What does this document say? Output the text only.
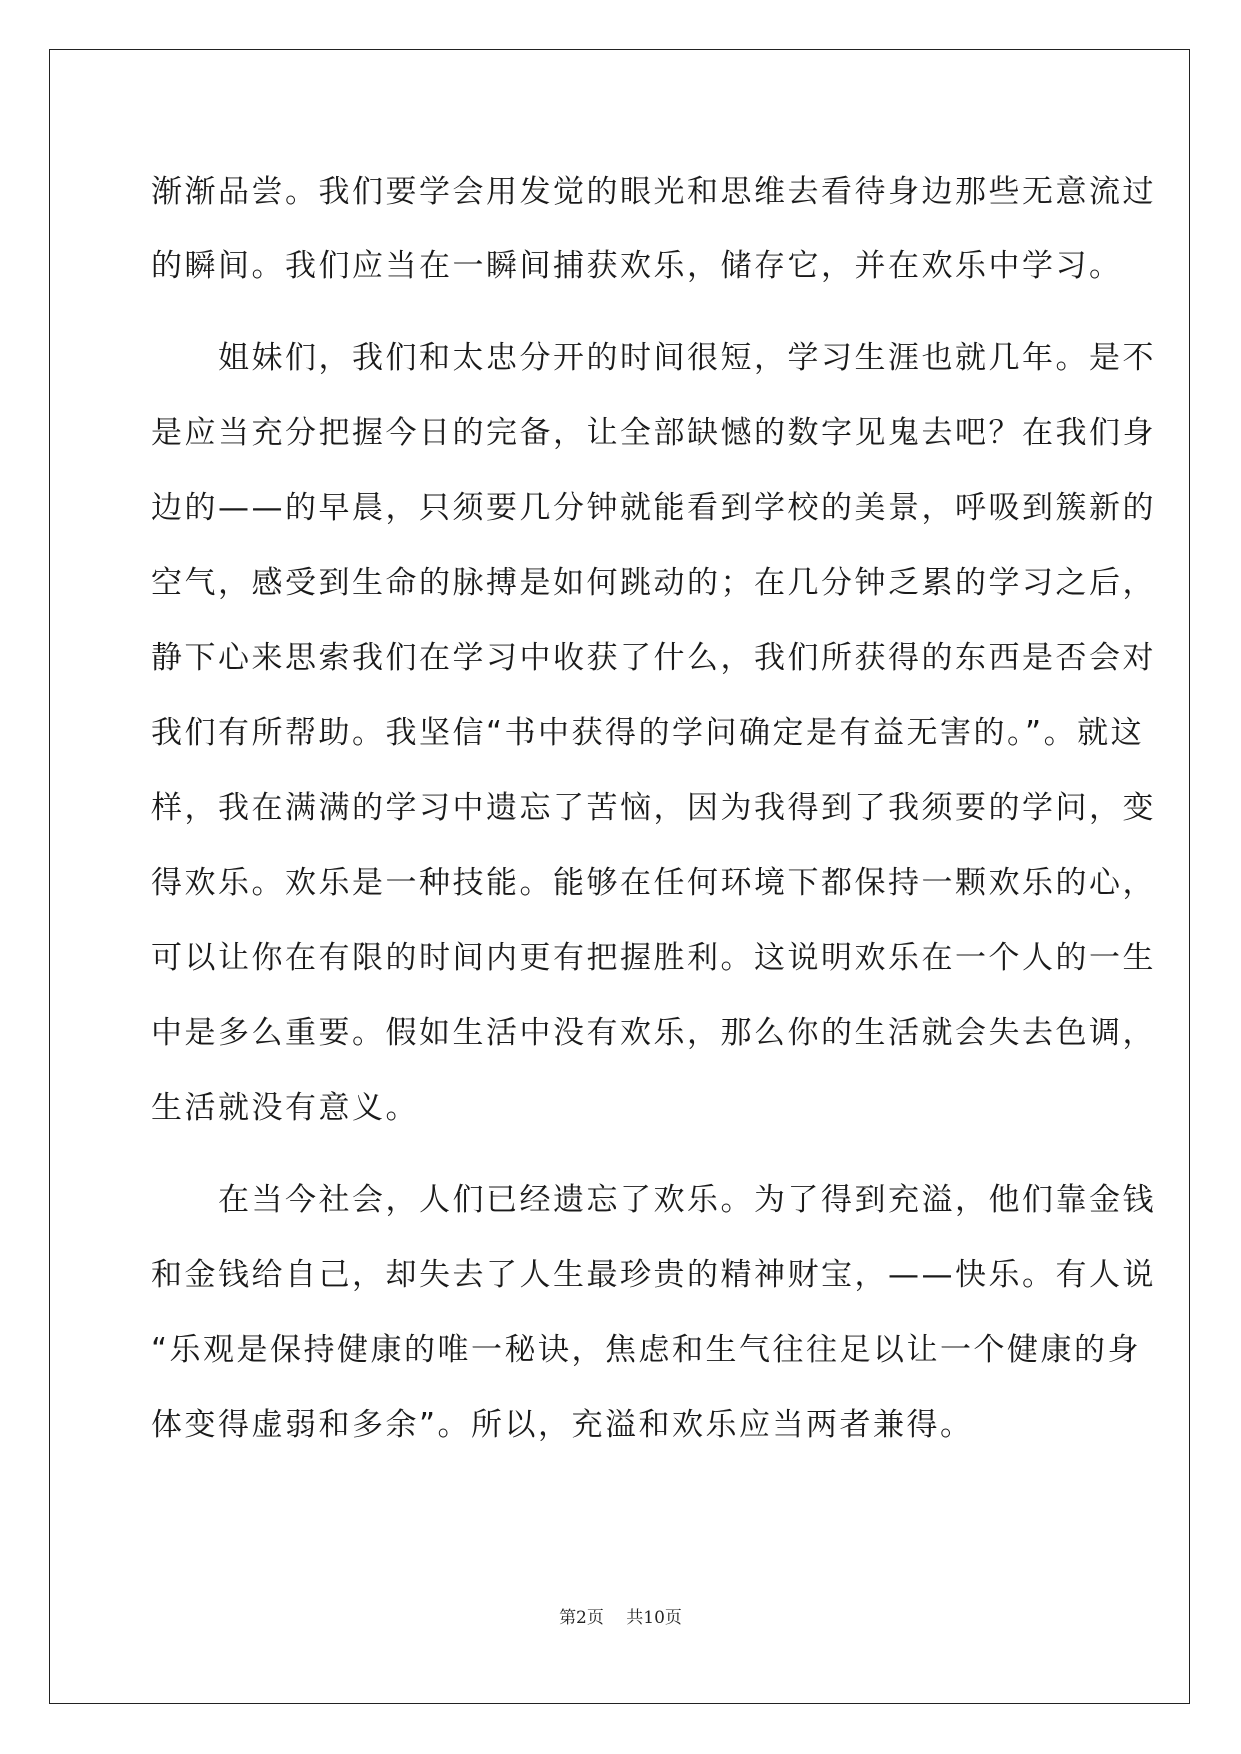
渐渐品尝。我们要学会用发觉的眼光和思维去看待身边那些无意流过
的瞬间。我们应当在一瞬间捕获欢乐，储存它，并在欢乐中学习。
　　姐妹们，我们和太忠分开的时间很短，学习生涯也就几年。是不
是应当充分把握今日的完备，让全部缺憾的数字见鬼去吧？在我们身
边的——的早晨，只须要几分钟就能看到学校的美景，呼吸到簇新的
空气，感受到生命的脉搏是如何跳动的；在几分钟乏累的学习之后，
静下心来思索我们在学习中收获了什么，我们所获得的东西是否会对
我们有所帮助。我坚信“书中获得的学问确定是有益无害的。”。就这
样，我在满满的学习中遗忘了苦恼，因为我得到了我须要的学问，变
得欢乐。欢乐是一种技能。能够在任何环境下都保持一颗欢乐的心，
可以让你在有限的时间内更有把握胜利。这说明欢乐在一个人的一生
中是多么重要。假如生活中没有欢乐，那么你的生活就会失去色调，
生活就没有意义。
　　在当今社会，人们已经遗忘了欢乐。为了得到充溢，他们靠金钱
和金钱给自己，却失去了人生最珍贵的精神财宝，——快乐。有人说
“乐观是保持健康的唯一秘诀，焦虑和生气往往足以让一个健康的身
体变得虚弱和多余”。所以，充溢和欢乐应当两者兼得。
第2页　 共10页
